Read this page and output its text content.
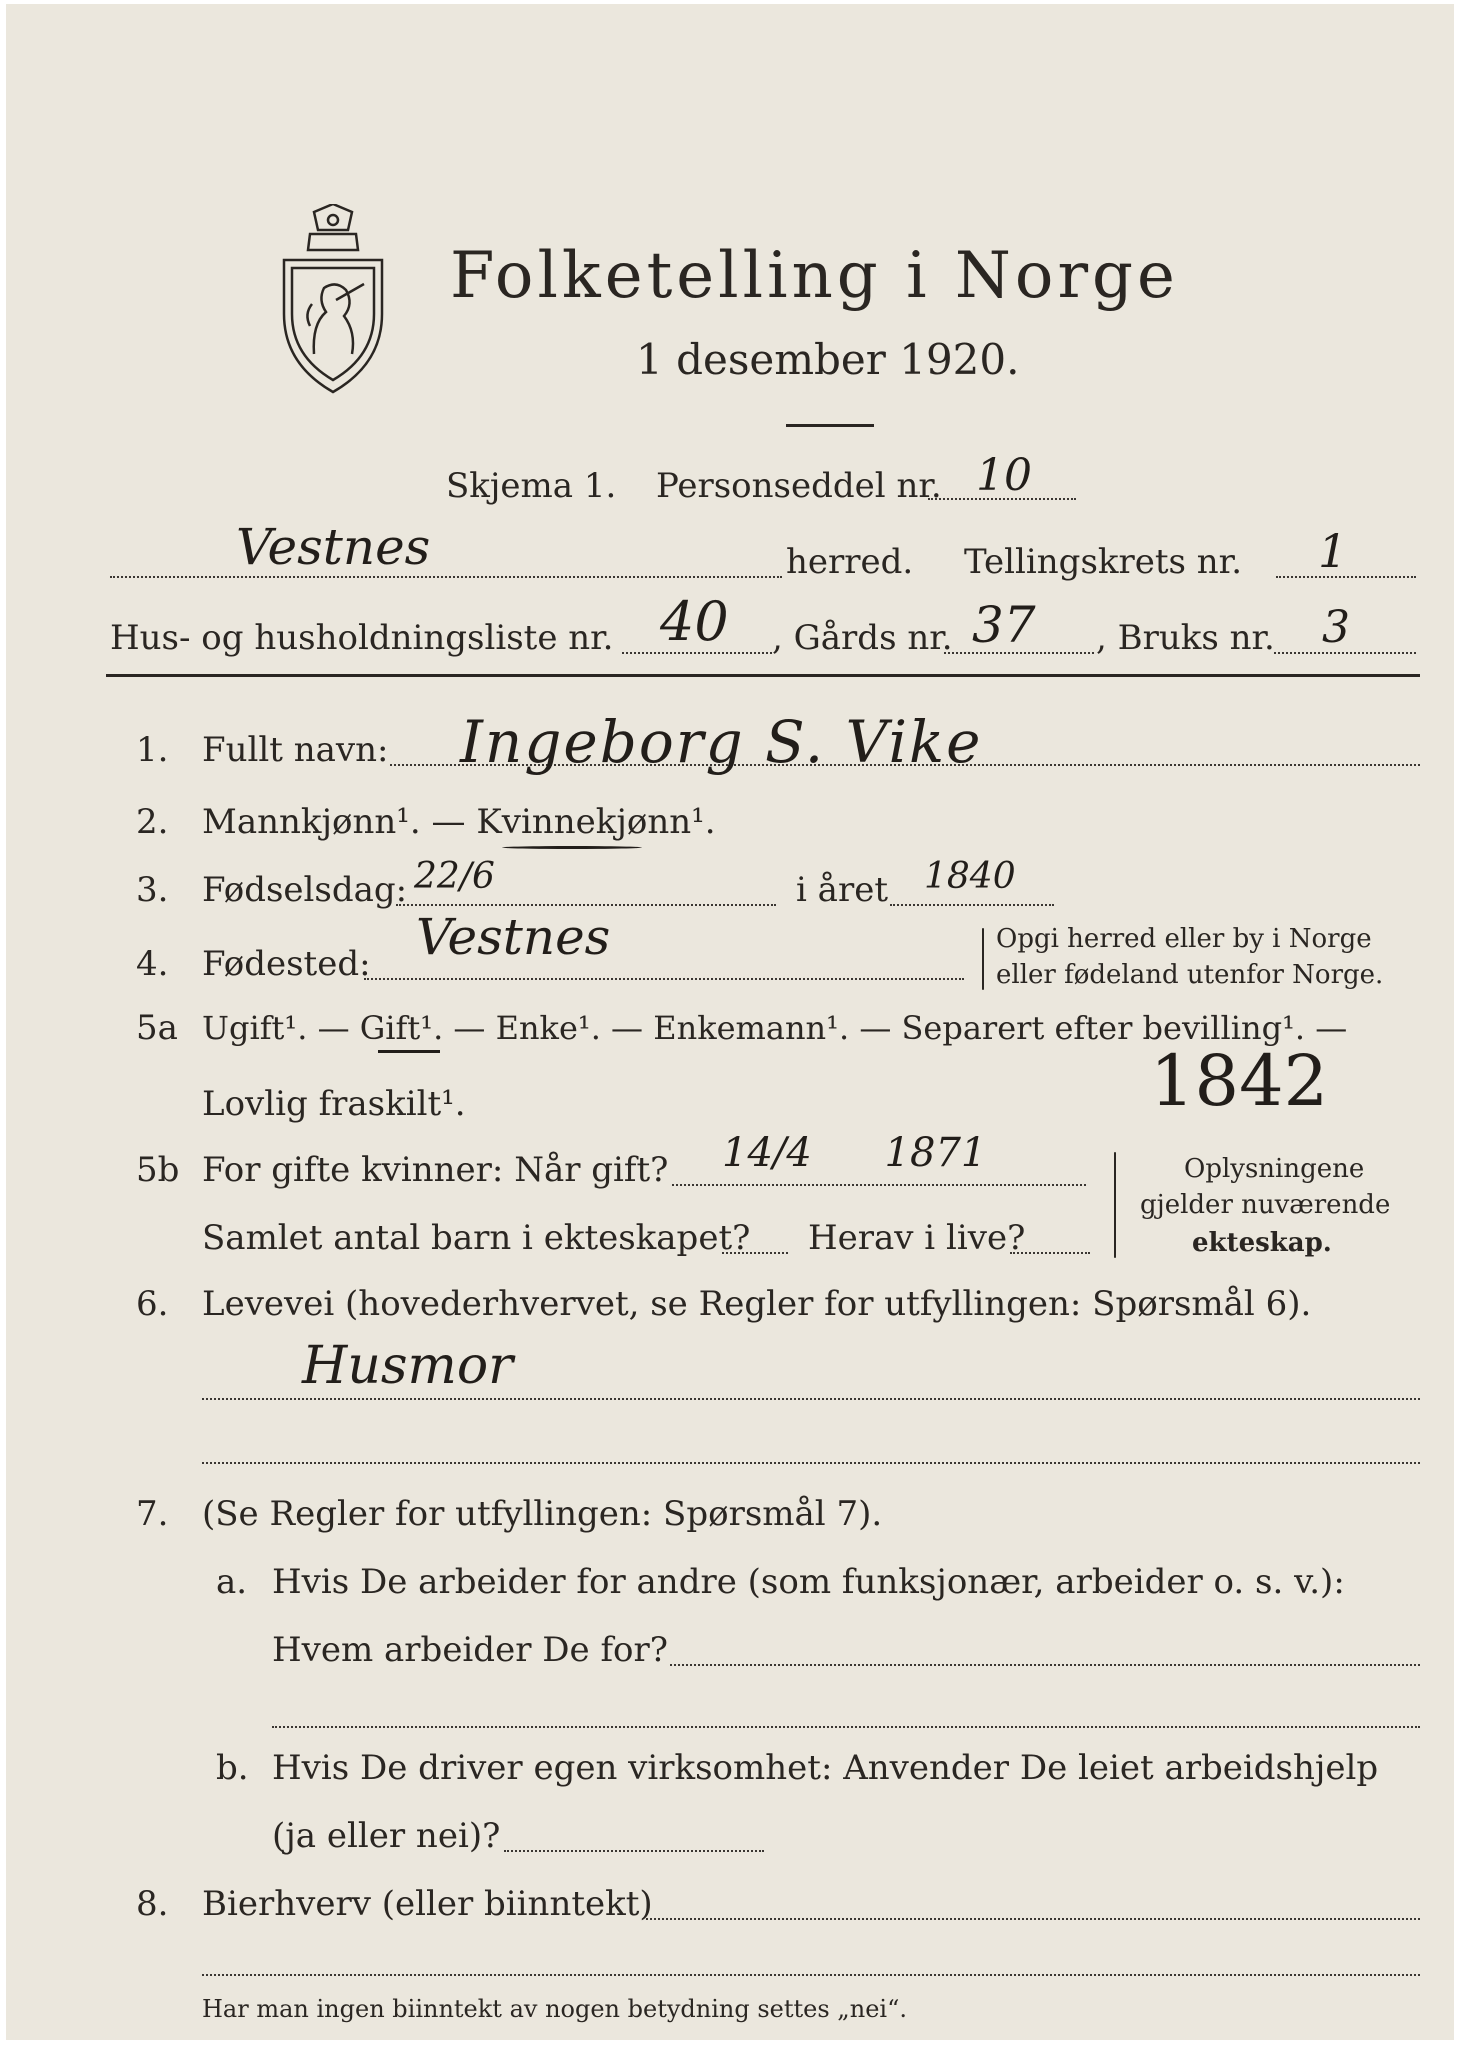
Folketelling i Norge
1 desember 1920.
Skjema 1. Personseddel nr. 10
Vestnes	herred. Tellingskrets nr. 1
Hus- og husholdningsliste nr. 40 , Gårds nr. 37 , Bruks nr. 3
1. Fullt navn: Ingeborg S. Vike
2. Mannkjønn¹. — Kvinnekjønn¹.
3. Fødselsdag: 22/6	i året 1840
4. Fødested: Vestnes	Opgi herred eller by i Norge
eller fødeland utenfor Norge.
5a Ugift¹. — Gift¹. — Enke¹. — Enkemann¹. — Separert efter bevilling¹. —
Lovlig fraskilt¹.	1842
5b For gifte kvinner: Når gift? 14/4 1871
Samlet antal barn i ekteskapet? Herav i live?
Oplysningene
gjelder nuværende
ekteskap.
6. Levevei (hovederhvervet, se Regler for utfyllingen: Spørsmål 6).
Husmor
7. (Se Regler for utfyllingen: Spørsmål 7).
a. Hvis De arbeider for andre (som funksjonær, arbeider o. s. v.):
Hvem arbeider De for?
b. Hvis De driver egen virksomhet: Anvender De leiet arbeidshjelp
(ja eller nei)?
8. Bierhverv (eller biinntekt)
Har man ingen biinntekt av nogen betydning settes „nei“.
